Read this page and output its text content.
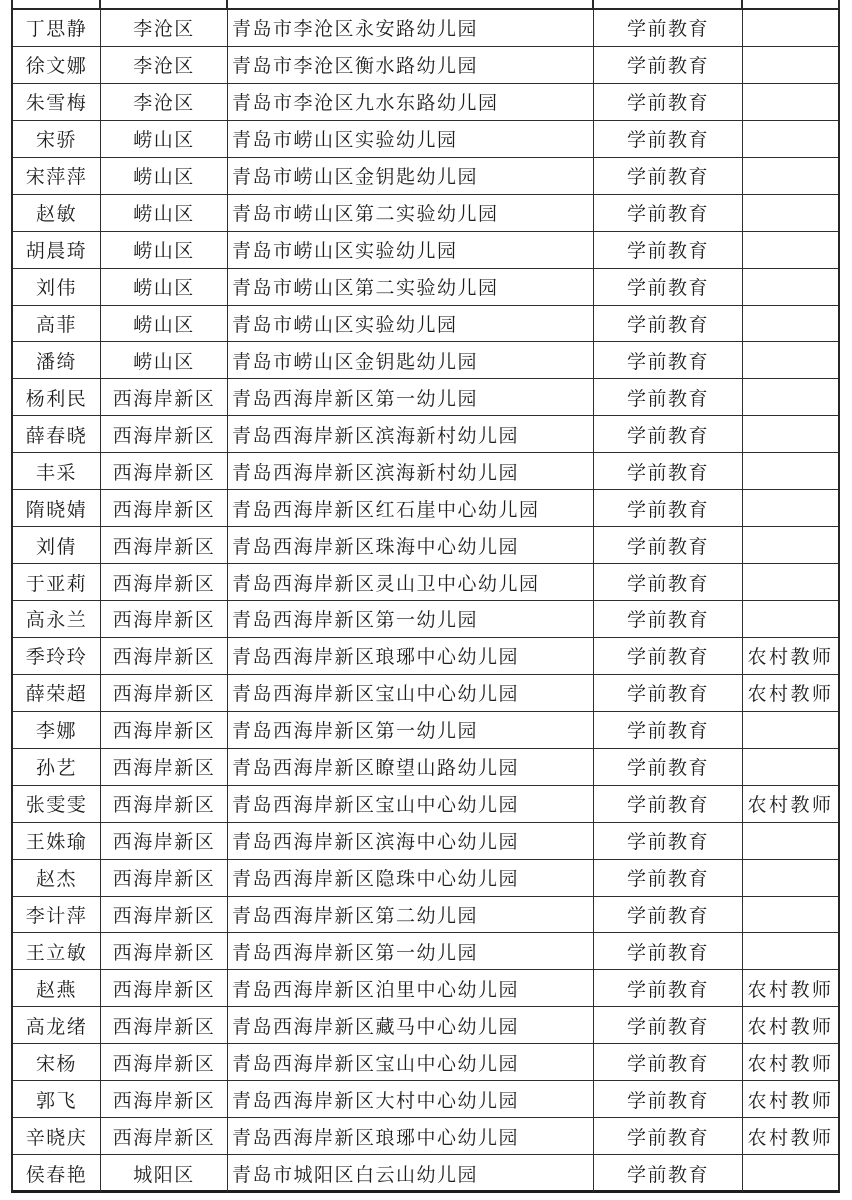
丁思静	李沧区	青岛市李沧区永安路幼儿园	学前教育
徐文娜	李沧区	青岛市李沧区衡水路幼儿园	学前教育
朱雪梅	李沧区	青岛市李沧区九水东路幼儿园	学前教育
宋骄	崂山区	青岛市崂山区实验幼儿园	学前教育
宋萍萍	崂山区	青岛市崂山区金钥匙幼儿园	学前教育
赵敏	崂山区	青岛市崂山区第二实验幼儿园	学前教育
胡晨琦	崂山区	青岛市崂山区实验幼儿园	学前教育
刘伟	崂山区	青岛市崂山区第二实验幼儿园	学前教育
高菲	崂山区	青岛市崂山区实验幼儿园	学前教育
潘绮	崂山区	青岛市崂山区金钥匙幼儿园	学前教育
杨利民	西海岸新区 青岛西海岸新区第一幼儿园	学前教育
薛春晓	西海岸新区 青岛西海岸新区滨海新村幼儿园	学前教育
丰采	西海岸新区 青岛西海岸新区滨海新村幼儿园	学前教育
隋晓婧	西海岸新区 青岛西海岸新区红石崖中心幼儿园	学前教育
刘倩	西海岸新区 青岛西海岸新区珠海中心幼儿园	学前教育
于亚莉	西海岸新区 青岛西海岸新区灵山卫中心幼儿园	学前教育
高永兰	西海岸新区 青岛西海岸新区第一幼儿园	学前教育
季玲玲	西海岸新区 青岛西海岸新区琅琊中心幼儿园	学前教育	农村教师
薛荣超	西海岸新区 青岛西海岸新区宝山中心幼儿园	学前教育	农村教师
李娜	西海岸新区 青岛西海岸新区第一幼儿园	学前教育
孙艺	西海岸新区 青岛西海岸新区瞭望山路幼儿园	学前教育
张雯雯	西海岸新区 青岛西海岸新区宝山中心幼儿园	学前教育	农村教师
王姝瑜	西海岸新区 青岛西海岸新区滨海中心幼儿园	学前教育
赵杰	西海岸新区 青岛西海岸新区隐珠中心幼儿园	学前教育
李计萍	西海岸新区 青岛西海岸新区第二幼儿园	学前教育
王立敏	西海岸新区 青岛西海岸新区第一幼儿园	学前教育
赵燕	西海岸新区 青岛西海岸新区泊里中心幼儿园	学前教育	农村教师
高龙绪	西海岸新区 青岛西海岸新区藏马中心幼儿园	学前教育	农村教师
宋杨	西海岸新区 青岛西海岸新区宝山中心幼儿园	学前教育	农村教师
郭飞	西海岸新区 青岛西海岸新区大村中心幼儿园	学前教育	农村教师
辛晓庆	西海岸新区 青岛西海岸新区琅琊中心幼儿园	学前教育	农村教师
侯春艳	城阳区	青岛市城阳区白云山幼儿园	学前教育
